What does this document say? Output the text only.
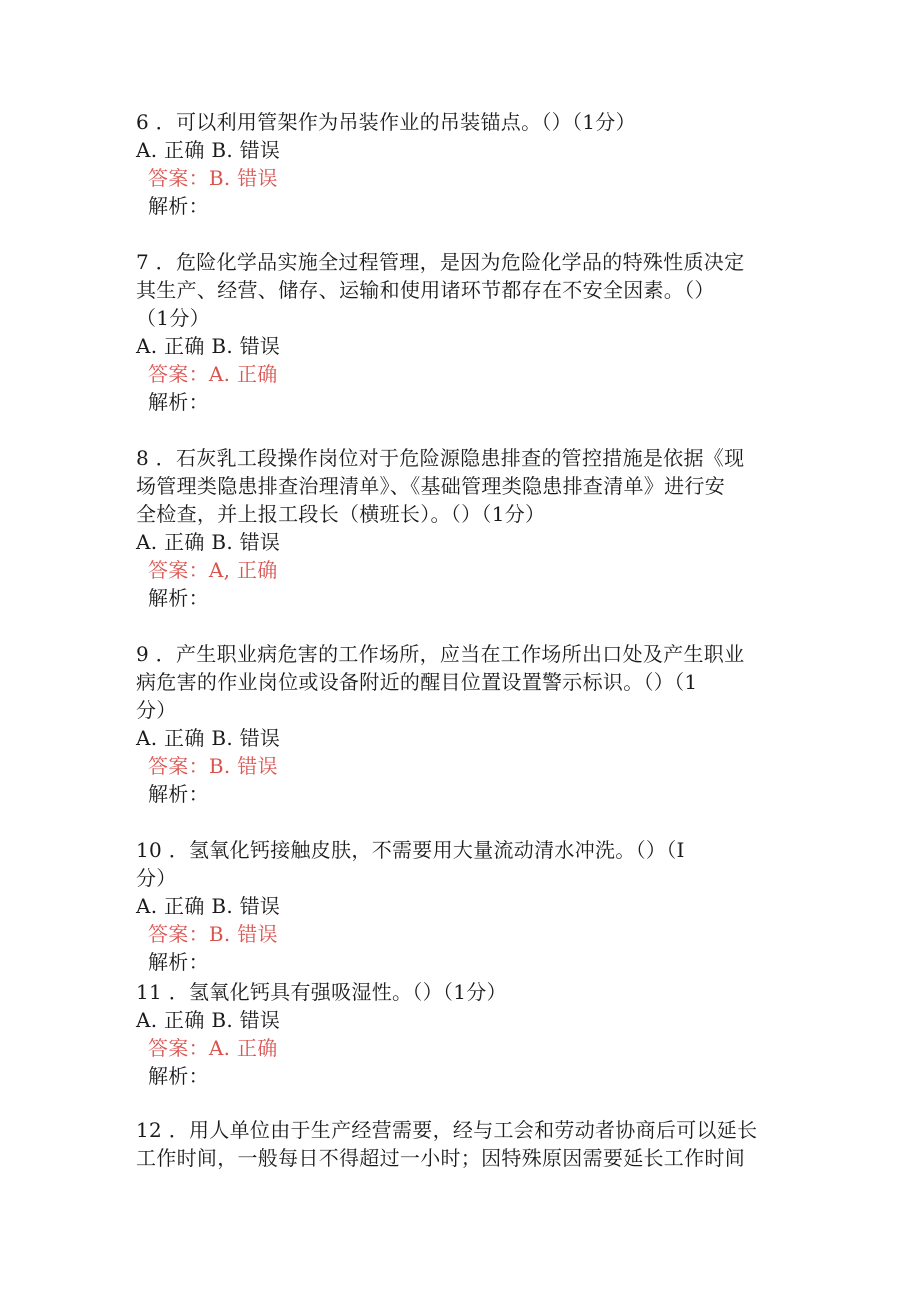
6 ．可以利用管架作为吊装作业的吊装锚点。（）（1分）
A. 正确 B. 错误
答案：B. 错误
解析：
7 ．危险化学品实施全过程管理，是因为危险化学品的特殊性质决定
其生产、经营、储存、运输和使用诸环节都存在不安全因素。（）
（1分）
A. 正确 B. 错误
答案：A. 正确
解析：
8 ．石灰乳工段操作岗位对于危险源隐患排查的管控措施是依据《现
场管理类隐患排查治理清单》、《基础管理类隐患排查清单》进行安
全检查，并上报工段长（横班长）。（）（1分）
A. 正确 B. 错误
答案：A, 正确
解析：
9 ．产生职业病危害的工作场所，应当在工作场所出口处及产生职业
病危害的作业岗位或设备附近的醒目位置设置警示标识。（）（1
分）
A. 正确 B. 错误
答案：B. 错误
解析：
10 ．氢氧化钙接触皮肤，不需要用大量流动清水冲洗。（）（I
分）
A. 正确 B. 错误
答案：B. 错误
解析：
11 ．氢氧化钙具有强吸湿性。（）（1分）
A. 正确 B. 错误
答案：A. 正确
解析：
12 ．用人单位由于生产经营需要，经与工会和劳动者协商后可以延长
工作时间，一般每日不得超过一小时；因特殊原因需要延长工作时间
